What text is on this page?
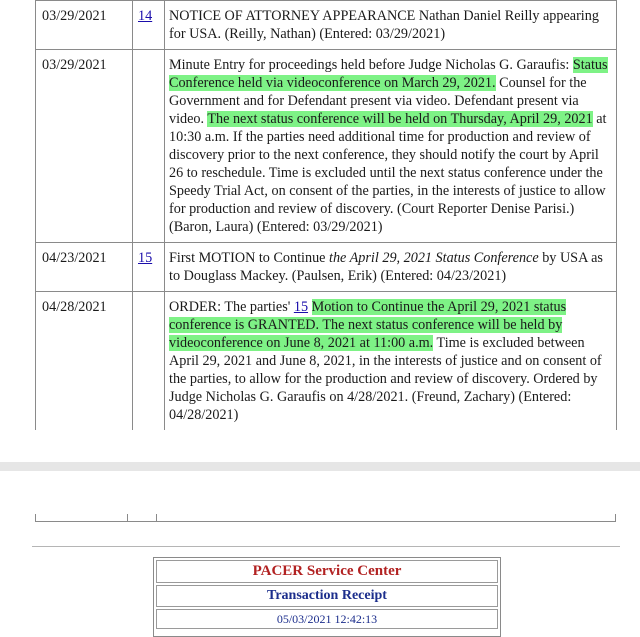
03/29/2021	14	NOTICE OF ATTORNEY APPEARANCE Nathan Daniel Reilly appearing for USA. (Reilly, Nathan) (Entered: 03/29/2021)
03/29/2021		Minute Entry for proceedings held before Judge Nicholas G. Garaufis: Status Conference held via videoconference on March 29, 2021. Counsel for the Government and for Defendant present via video. Defendant present via video. The next status conference will be held on Thursday, April 29, 2021 at 10:30 a.m. If the parties need additional time for production and review of discovery prior to the next conference, they should notify the court by April 26 to reschedule. Time is excluded until the next status conference under the Speedy Trial Act, on consent of the parties, in the interests of justice to allow for production and review of discovery. (Court Reporter Denise Parisi.) (Baron, Laura) (Entered: 03/29/2021)
04/23/2021	15	First MOTION to Continue the April 29, 2021 Status Conference by USA as to Douglass Mackey. (Paulsen, Erik) (Entered: 04/23/2021)
04/28/2021		ORDER: The parties' 15 Motion to Continue the April 29, 2021 status conference is GRANTED. The next status conference will be held by videoconference on June 8, 2021 at 11:00 a.m. Time is excluded between April 29, 2021 and June 8, 2021, in the interests of justice and on consent of the parties, to allow for the production and review of discovery. Ordered by Judge Nicholas G. Garaufis on 4/28/2021. (Freund, Zachary) (Entered: 04/28/2021)
PACER Service Center
Transaction Receipt
05/03/2021 12:42:13
